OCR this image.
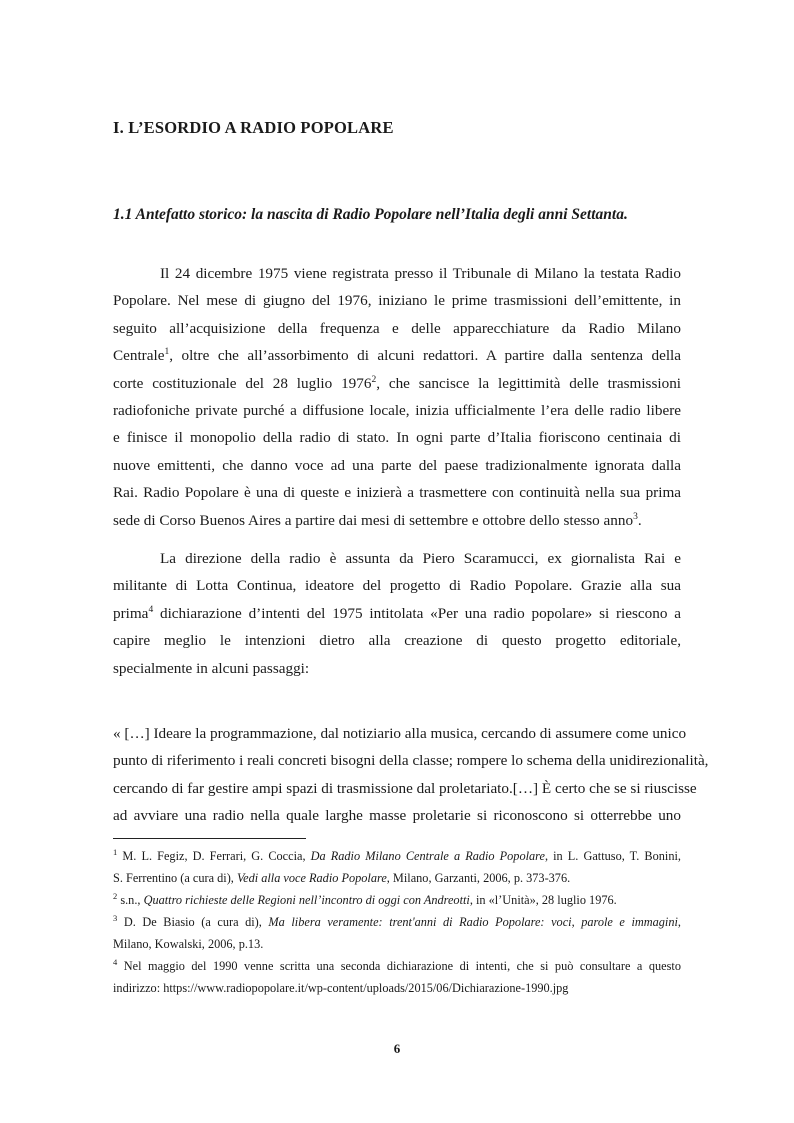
I. L’ESORDIO A RADIO POPOLARE
1.1 Antefatto storico: la nascita di Radio Popolare nell’Italia degli anni Settanta.

Il 24 dicembre 1975 viene registrata presso il Tribunale di Milano la testata Radio
Popolare. Nel mese di giugno del 1976, iniziano le prime trasmissioni dell’emittente, in
seguito all’acquisizione della frequenza e delle apparecchiature da Radio Milano
Centrale$^1$, oltre che all’assorbimento di alcuni redattori. A partire dalla sentenza della
corte costituzionale del 28 luglio 1976$^2$, che sancisce la legittimità delle trasmissioni
radiofoniche private purché a diffusione locale, inizia ufficialmente l’era delle radio libere
e finisce il monopolio della radio di stato. In ogni parte d’Italia fioriscono centinaia di
nuove emittenti, che danno voce ad una parte del paese tradizionalmente ignorata dalla
Rai. Radio Popolare è una di queste e inizierà a trasmettere con continuità nella sua prima
sede di Corso Buenos Aires a partire dai mesi di settembre e ottobre dello stesso anno$^3$.

La direzione della radio è assunta da Piero Scaramucci, ex giornalista Rai e
militante di Lotta Continua, ideatore del progetto di Radio Popolare. Grazie alla sua
prima$^4$ dichiarazione d’intenti del 1975 intitolata «Per una radio popolare» si riescono a
capire meglio le intenzioni dietro alla creazione di questo progetto editoriale,
specialmente in alcuni passaggi:

« […] Ideare la programmazione, dal notiziario alla musica, cercando di assumere come unico
punto di riferimento i reali concreti bisogni della classe; rompere lo schema della unidirezionalità,
cercando di far gestire ampi spazi di trasmissione dal proletariato.[…] È certo che se si riuscisse
ad avviare una radio nella quale larghe masse proletarie si riconoscono si otterrebbe uno

$^1$ M. L. Fegiz, D. Ferrari, G. Coccia, Da Radio Milano Centrale a Radio Popolare, in L. Gattuso, T. Bonini,
S. Ferrentino (a cura di), Vedi alla voce Radio Popolare, Milano, Garzanti, 2006, p. 373-376.
$^2$ s.n., Quattro richieste delle Regioni nell’incontro di oggi con Andreotti, in «l’Unità», 28 luglio 1976.
$^3$ D. De Biasio (a cura di), Ma libera veramente: trent'anni di Radio Popolare: voci, parole e immagini,
Milano, Kowalski, 2006, p.13.
$^4$ Nel maggio del 1990 venne scritta una seconda dichiarazione di intenti, che si può consultare a questo
indirizzo: https://www.radiopopolare.it/wp-content/uploads/2015/06/Dichiarazione-1990.jpg

6
